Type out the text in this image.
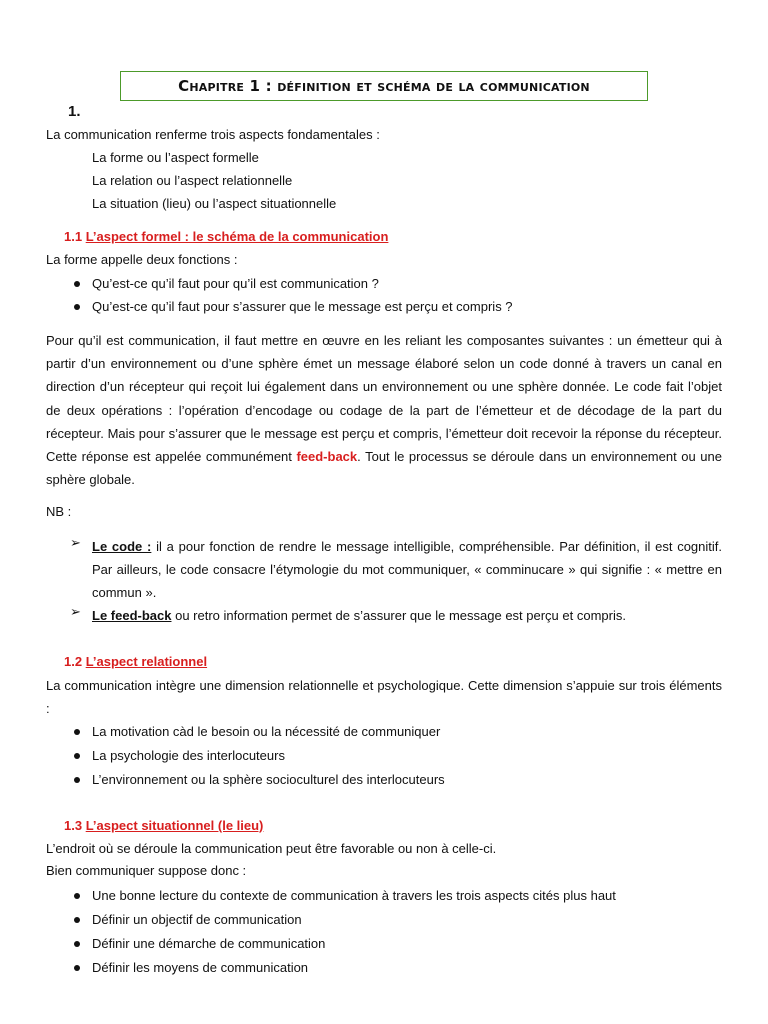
Chapitre 1 : définition et schéma de la communication
1.
La communication renferme trois aspects fondamentales :
La forme ou l’aspect formelle
La relation ou l’aspect relationnelle
La situation (lieu) ou l’aspect situationnelle
1.1 L’aspect formel : le schéma de la communication
La forme appelle deux fonctions :
Qu’est-ce qu’il faut pour qu’il est communication ?
Qu’est-ce qu’il faut pour s’assurer que le message est perçu et compris ?
Pour qu’il est communication, il faut mettre en œuvre en les reliant les composantes suivantes : un émetteur qui à partir d’un environnement ou d’une sphère émet un message élaboré selon un code donné à travers un canal en direction d’un récepteur qui reçoit lui également dans un environnement ou une sphère donnée. Le code fait l’objet de deux opérations : l’opération d’encodage ou codage de la part de l’émetteur et de décodage de la part du récepteur. Mais pour s’assurer que le message est perçu et compris, l’émetteur doit recevoir la réponse du récepteur. Cette réponse est appelée communément feed-back. Tout le processus se déroule dans un environnement ou une sphère globale.
NB :
➢ Le code : il a pour fonction de rendre le message intelligible, compréhensible. Par définition, il est cognitif. Par ailleurs, le code consacre l’étymologie du mot communiquer, « comminucare » qui signifie : « mettre en commun ».
➢ Le feed-back ou retro information permet de s’assurer que le message est perçu et compris.
1.2 L’aspect relationnel
La communication intègre une dimension relationnelle et psychologique. Cette dimension s’appuie sur trois éléments :
La motivation càd le besoin ou la nécessité de communiquer
La psychologie des interlocuteurs
L’environnement ou la sphère socioculturel des interlocuteurs
1.3 L’aspect situationnel (le lieu)
L’endroit où se déroule la communication peut être favorable ou non à celle-ci.
Bien communiquer suppose donc :
Une bonne lecture du contexte de communication à travers les trois aspects cités plus haut
Définir un objectif de communication
Définir une démarche de communication
Définir les moyens de communication
